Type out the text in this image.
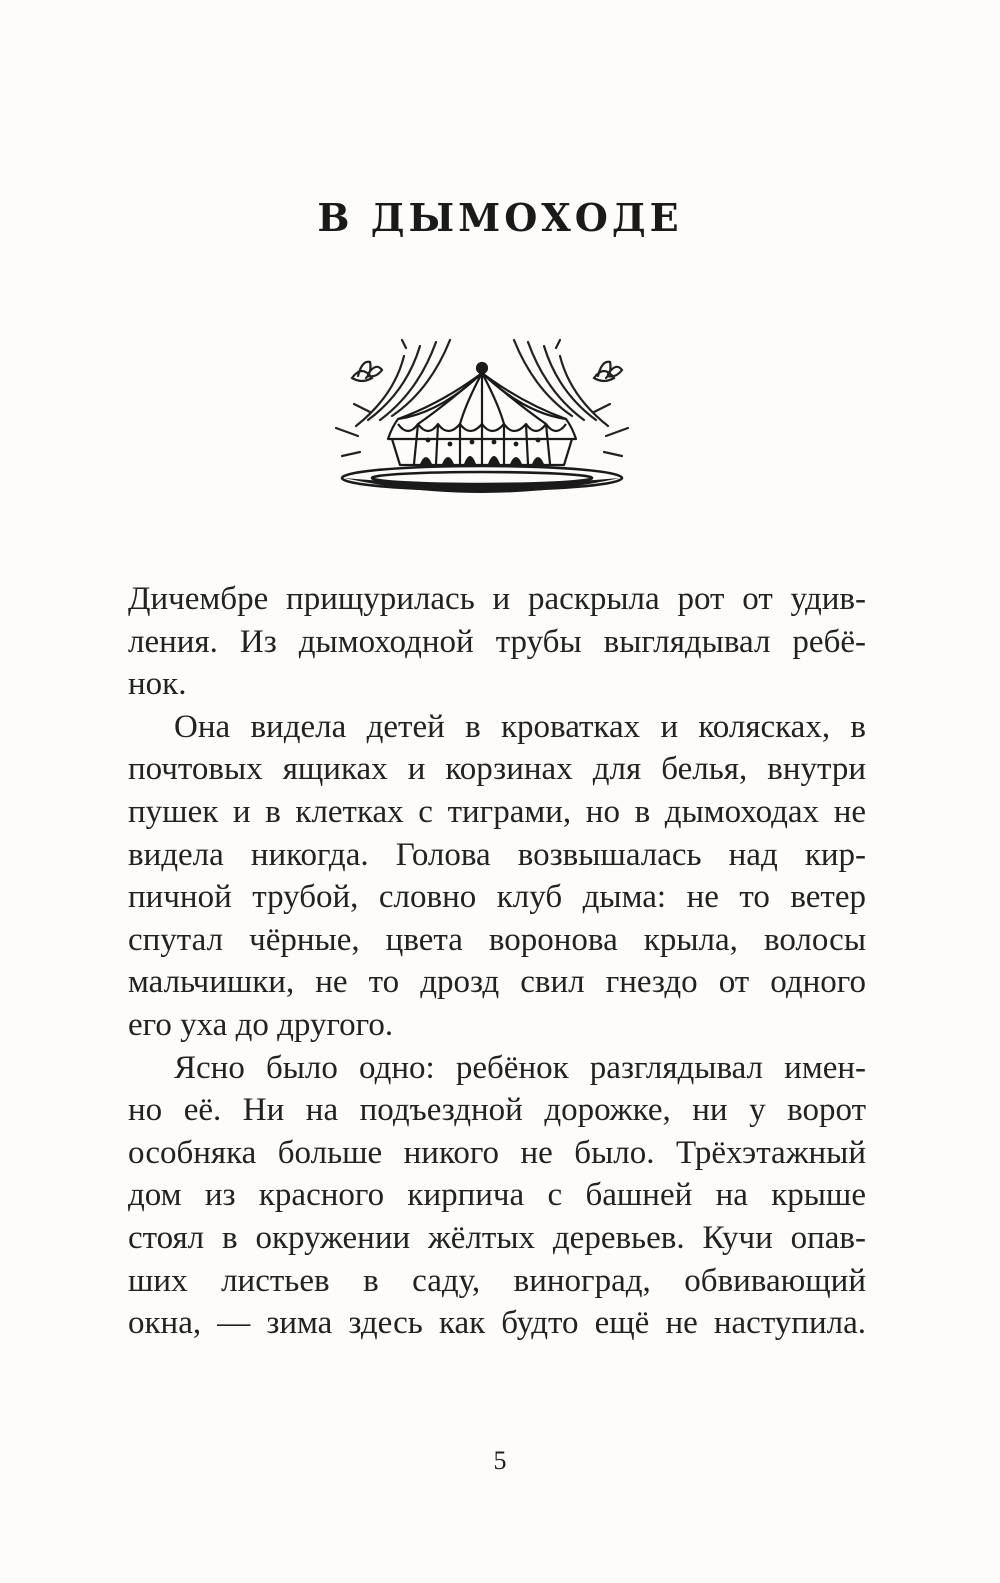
В ДЫМОХОДЕ

Дичембре прищурилась и раскрыла рот от удив-
ления. Из дымоходной трубы выглядывал ребё-
нок.

Она видела детей в кроватках и колясках, в
почтовых ящиках и корзинах для белья, внутри
пушек и в клетках с тиграми, но в дымоходах не
видела никогда. Голова возвышалась над кир-
пичной трубой, словно клуб дыма: не то ветер
спутал чёрные, цвета воронова крыла, волосы
мальчишки, не то дрозд свил гнездо от одного
его уха до другого.

Ясно было одно: ребёнок разглядывал имен-
но её. Ни на подъездной дорожке, ни у ворот
особняка больше никого не было. Трёхэтажный
дом из красного кирпича с башней на крыше
стоял в окружении жёлтых деревьев. Кучи опав-
ших листьев в саду, виноград, обвивающий
окна, — зима здесь как будто ещё не наступила.

5
